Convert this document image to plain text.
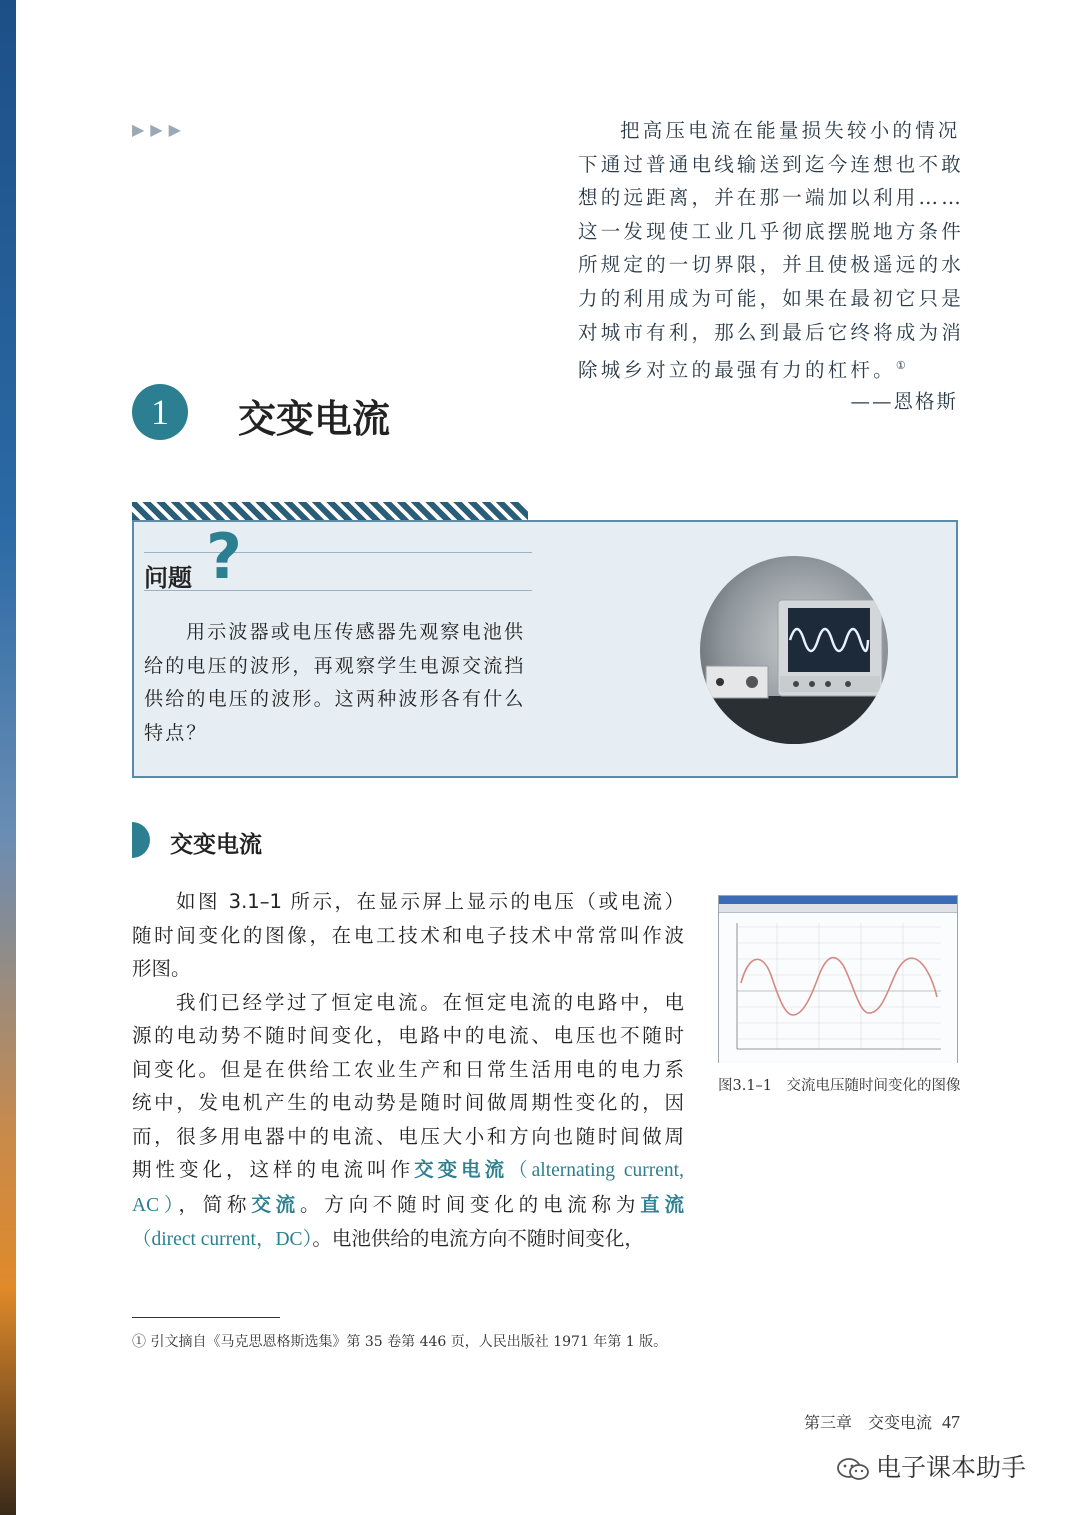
▶▶▶	把高压电流在能量损失较小的情况
下通过普通电线输送到迄今连想也不敢
想的远距离，并在那一端加以利用……
这一发现使工业几乎彻底摆脱地方条件
所规定的一切界限，并且使极遥远的水
力的利用成为可能，如果在最初它只是
对城市有利，那么到最后它终将成为消
除城乡对立的最强有力的杠杆。①
——恩格斯
1	交变电流
问题 ?
用示波器或电压传感器先观察电池供
给的电压的波形，再观察学生电源交流挡
供给的电压的波形。这两种波形各有什么
特点？
交变电流
如图 3.1–1 所示，在显示屏上显示的电压（或电流）
随时间变化的图像，在电工技术和电子技术中常常叫作波
形图。
我们已经学过了恒定电流。在恒定电流的电路中，电
源的电动势不随时间变化，电路中的电流、电压也不随时
间变化。但是在供给工农业生产和日常生活用电的电力系
统中，发电机产生的电动势是随时间做周期性变化的，因
而，很多用电器中的电流、电压大小和方向也随时间做周
期性变化，这样的电流叫作交变电流（alternating current,
AC），简称交流。方向不随时间变化的电流称为直流
（direct current，DC）。电池供给的电流方向不随时间变化，
图3.1–1　交流电压随时间变化的图像
① 引文摘自《马克思恩格斯选集》第 35 卷第 446 页，人民出版社 1971 年第 1 版。
第三章　交变电流 47
电子课本助手
